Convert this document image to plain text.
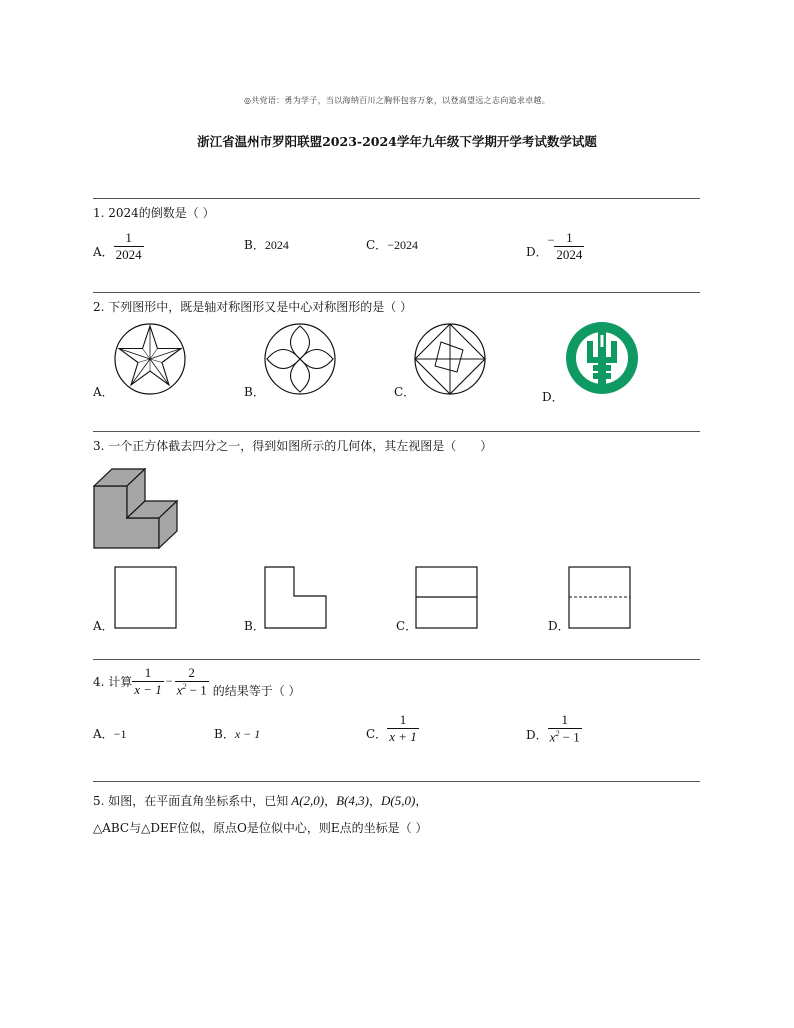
◎共党语：勇为学子，当以海纳百川之胸怀包容万象，以登高望远之志向追求卓越。
浙江省温州市罗阳联盟2023-2024学年九年级下学期开学考试数学试题
1. 2024的倒数是（ ）
A． $\frac{1}{2024}$	B．2024	C．−2024
D．
− $\frac{1}{2024}$
2. 下列图形中，既是轴对称图形又是中心对称图形的是（ ）
A．	B．	C．	D．
3. 一个正方体截去四分之一，得到如图所示的几何体，其左视图是（　　）
A．	B．	C．	D．
4. 计算 $\frac{1}{x - 1} - \frac{2}{x^2 - 1}$ 的结果等于（ ）
A．−1	B．x − 1	C． $\frac{1}{x + 1}$	D． $\frac{1}{x^2 - 1}$
5. 如图，在平面直角坐标系中，已知 A(2,0) ， B(4,3) ， D(5,0) ，
△ABC与△DEF位似，原点O是位似中心，则E点的坐标是（ ）
